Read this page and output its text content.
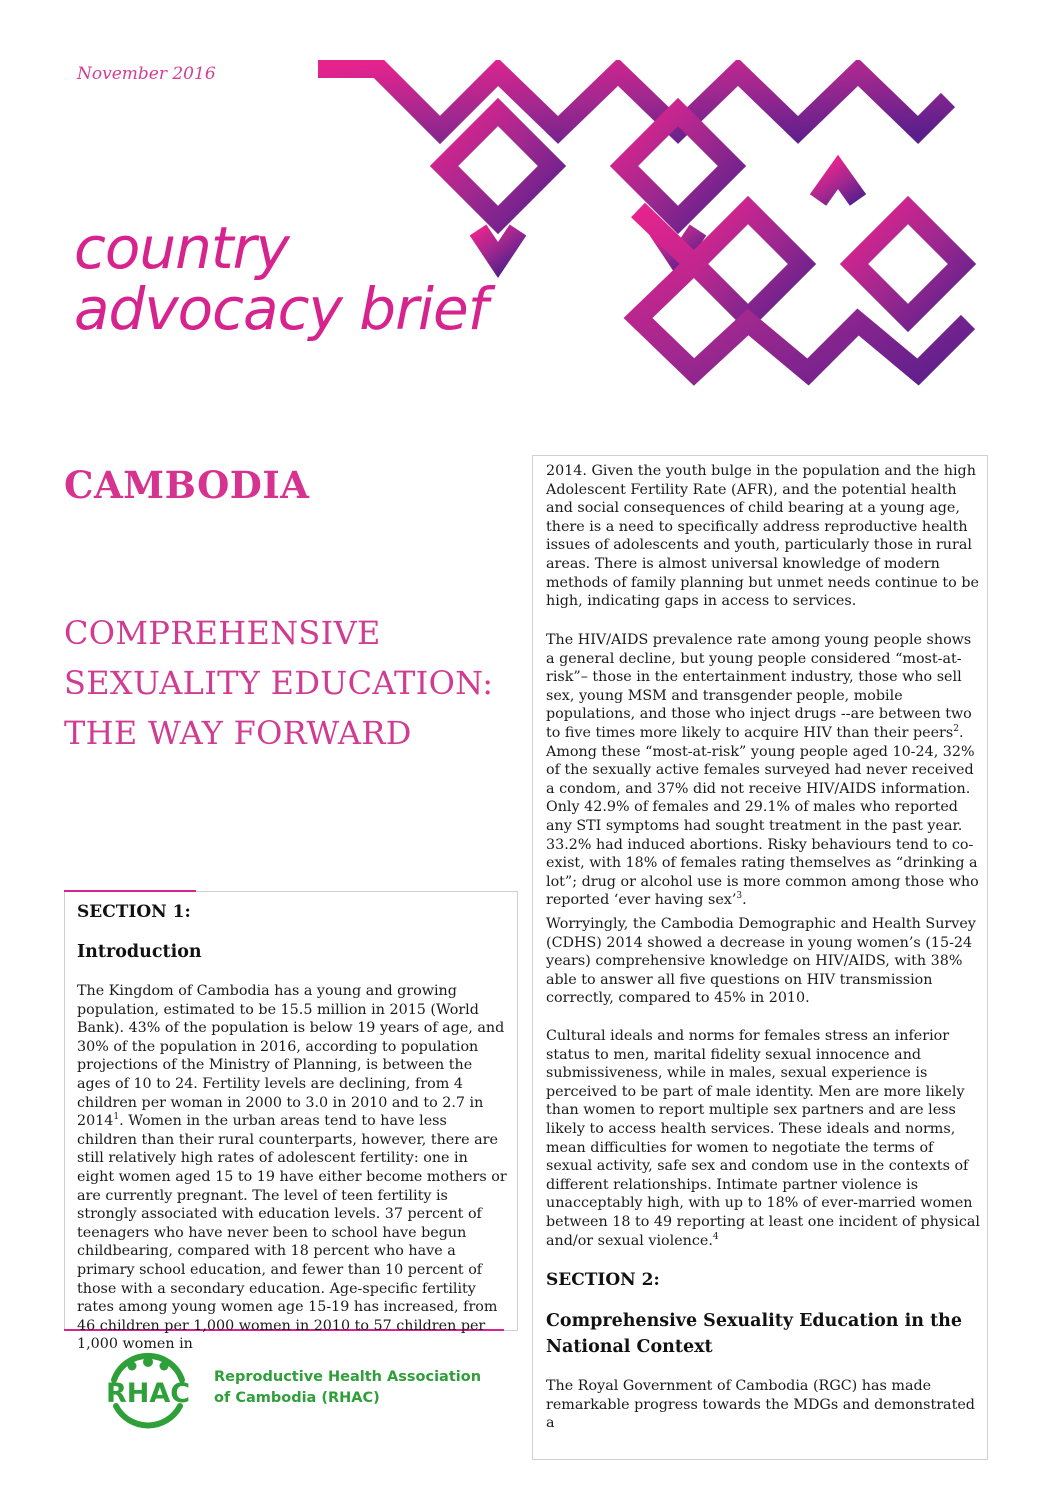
November 2016
country
advocacy brief
CAMBODIA
COMPREHENSIVE
SEXUALITY EDUCATION:
THE WAY FORWARD
SECTION 1:
Introduction

The Kingdom of Cambodia has a young and growing population, estimated to be 15.5 million in 2015 (World Bank). 43% of the population is below 19 years of age, and 30% of the population in 2016, according to population projections of the Ministry of Planning, is between the ages of 10 to 24. Fertility levels are declining, from 4 children per woman in 2000 to 3.0 in 2010 and to 2.7 in 2014$^1$. Women in the urban areas tend to have less children than their rural counterparts, however, there are still relatively high rates of adolescent fertility: one in eight women aged 15 to 19 have either become mothers or are currently pregnant. The level of teen fertility is strongly associated with education levels. 37 percent of teenagers who have never been to school have begun childbearing, compared with 18 percent who have a primary school education, and fewer than 10 percent of those with a secondary education. Age-specific fertility rates among young women age 15-19 has increased, from 46 children per 1,000 women in 2010 to 57 children per 1,000 women in

2014. Given the youth bulge in the population and the high Adolescent Fertility Rate (AFR), and the potential health and social consequences of child bearing at a young age, there is a need to specifically address reproductive health issues of adolescents and youth, particularly those in rural areas. There is almost universal knowledge of modern methods of family planning but unmet needs continue to be high, indicating gaps in access to services.

The HIV/AIDS prevalence rate among young people shows a general decline, but young people considered “most-at-risk”– those in the entertainment industry, those who sell sex, young MSM and transgender people, mobile populations, and those who inject drugs --are between two to five times more likely to acquire HIV than their peers$^2$. Among these “most-at-risk” young people aged 10-24, 32% of the sexually active females surveyed had never received a condom, and 37% did not receive HIV/AIDS information. Only 42.9% of females and 29.1% of males who reported any STI symptoms had sought treatment in the past year. 33.2% had induced abortions. Risky behaviours tend to co-exist, with 18% of females rating themselves as “drinking a lot”; drug or alcohol use is more common among those who reported ‘ever having sex’$^3$.

Worryingly, the Cambodia Demographic and Health Survey (CDHS) 2014 showed a decrease in young women’s (15-24 years) comprehensive knowledge on HIV/AIDS, with 38% able to answer all five questions on HIV transmission correctly, compared to 45% in 2010.

Cultural ideals and norms for females stress an inferior status to men, marital fidelity sexual innocence and submissiveness, while in males, sexual experience is perceived to be part of male identity. Men are more likely than women to report multiple sex partners and are less likely to access health services. These ideals and norms, mean difficulties for women to negotiate the terms of sexual activity, safe sex and condom use in the contexts of different relationships. Intimate partner violence is unacceptably high, with up to 18% of ever-married women between 18 to 49 reporting at least one incident of physical and/or sexual violence.$^4$

SECTION 2:
Comprehensive Sexuality Education in the
National Context

The Royal Government of Cambodia (RGC) has made remarkable progress towards the MDGs and demonstrated a

RHAC
Reproductive Health Association
of Cambodia (RHAC)
